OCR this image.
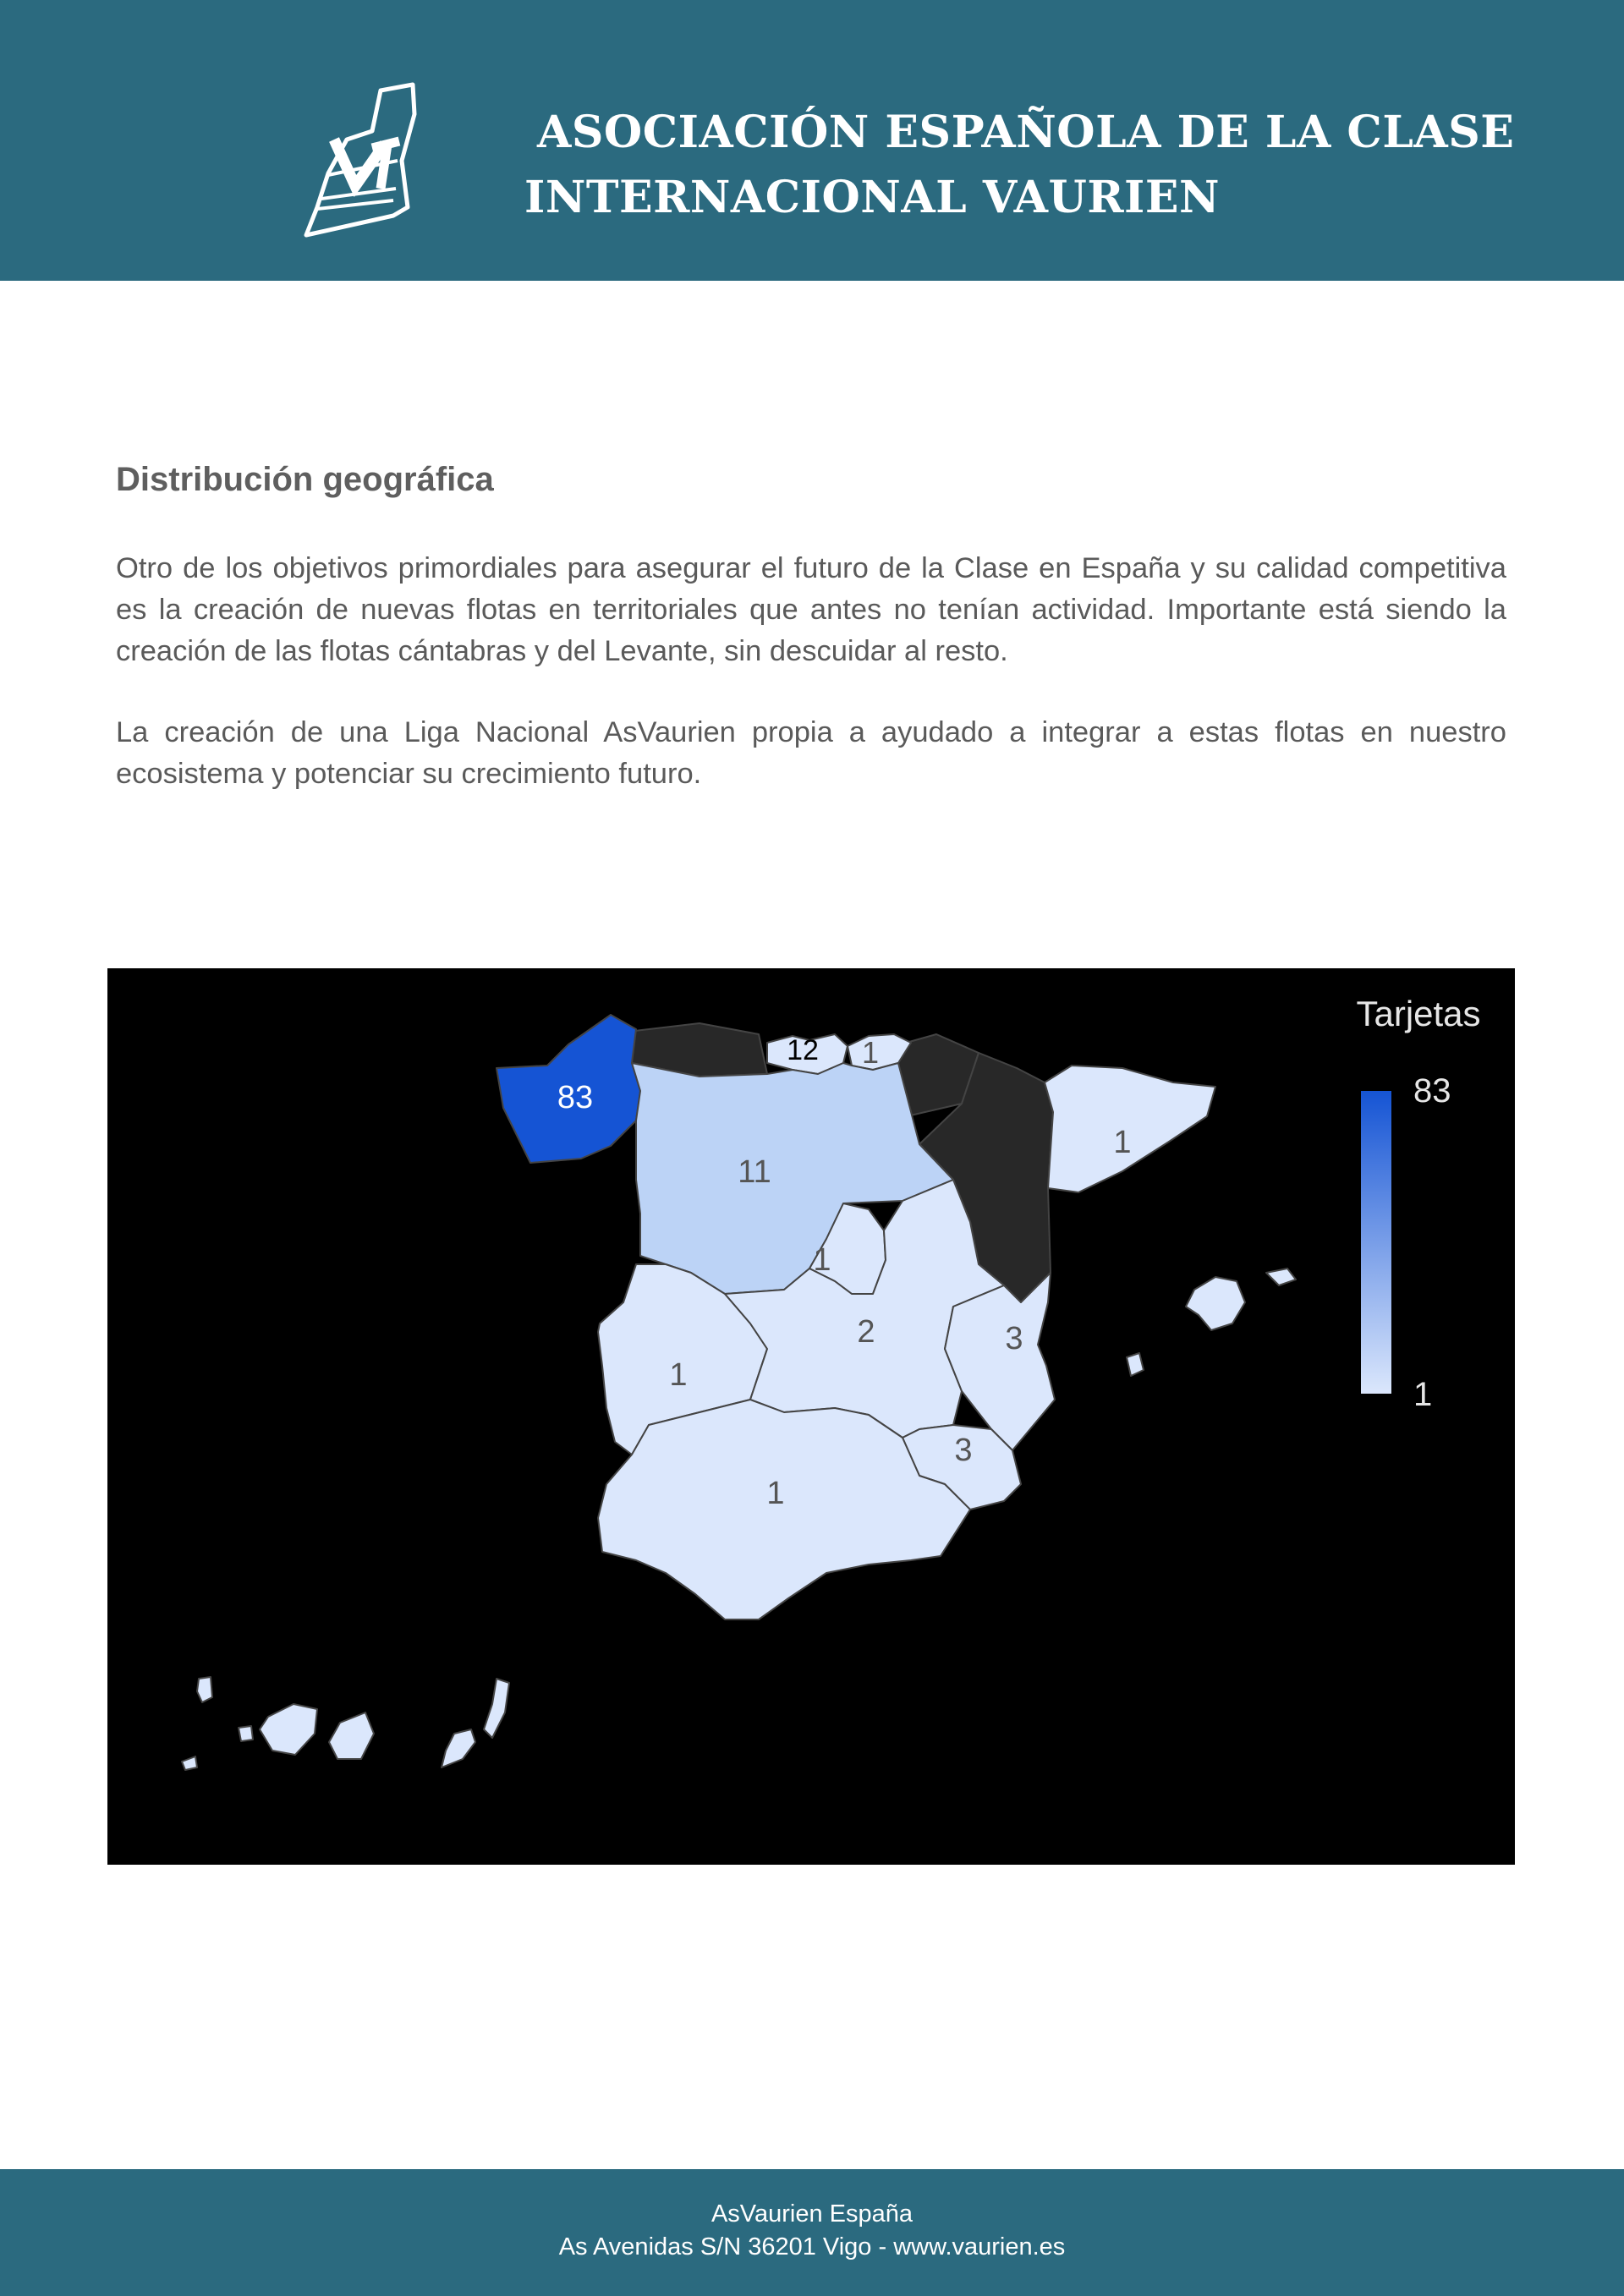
ASOCIACIÓN ESPAÑOLA DE LA CLASE
INTERNACIONAL VAURIEN
Distribución geográfica

Otro de los objetivos primordiales para asegurar el futuro de la Clase en España y su calidad competitiva es la creación de nuevas flotas en territoriales que antes no tenían actividad. Importante está siendo la creación de las flotas cántabras y del Levante, sin descuidar al resto.

La creación de una Liga Nacional AsVaurien propia a ayudado a integrar a estas flotas en nuestro ecosistema y potenciar su crecimiento futuro.

83
11
12 1
1
1
2	3
1
3
1
Tarjetas
83
1
AsVaurien España
As Avenidas S/N 36201 Vigo - www.vaurien.es
